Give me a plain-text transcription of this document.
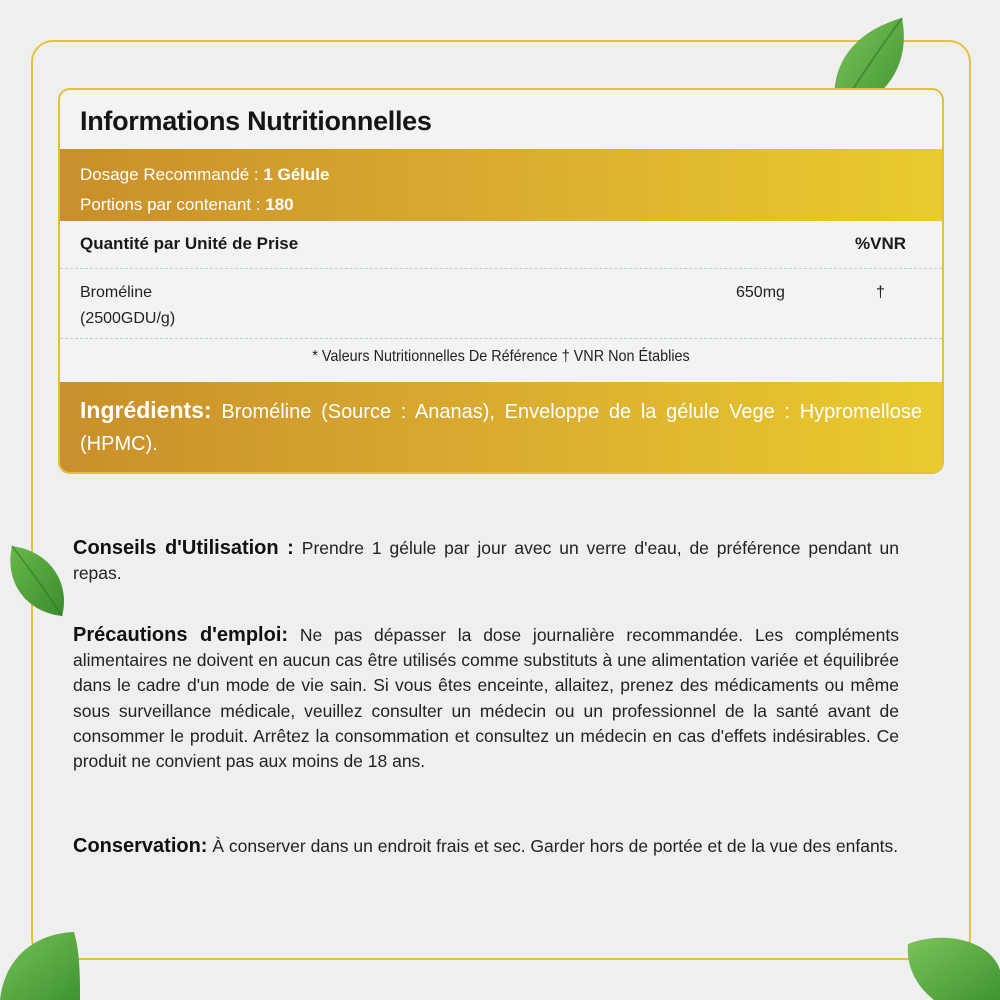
Informations Nutritionnelles
Dosage Recommandé : 1 Gélule
Portions par contenant : 180
Quantité par Unité de Prise	%VNR
Broméline
(2500GDU/g)
650mg	†
* Valeurs Nutritionnelles De Référence † VNR Non Établies
Ingrédients: Broméline (Source : Ananas), Enveloppe de la gélule Vege : Hypromellose (HPMC).
Conseils d'Utilisation : Prendre 1 gélule par jour avec un verre d'eau, de préférence pendant un repas.
Précautions d'emploi: Ne pas dépasser la dose journalière recommandée. Les compléments alimentaires ne doivent en aucun cas être utilisés comme substituts à une alimentation variée et équilibrée dans le cadre d'un mode de vie sain. Si vous êtes enceinte, allaitez, prenez des médicaments ou même sous surveillance médicale, veuillez consulter un médecin ou un professionnel de la santé avant de consommer le produit. Arrêtez la consommation et consultez un médecin en cas d'effets indésirables. Ce produit ne convient pas aux moins de 18 ans.
Conservation: À conserver dans un endroit frais et sec. Garder hors de portée et de la vue des enfants.
